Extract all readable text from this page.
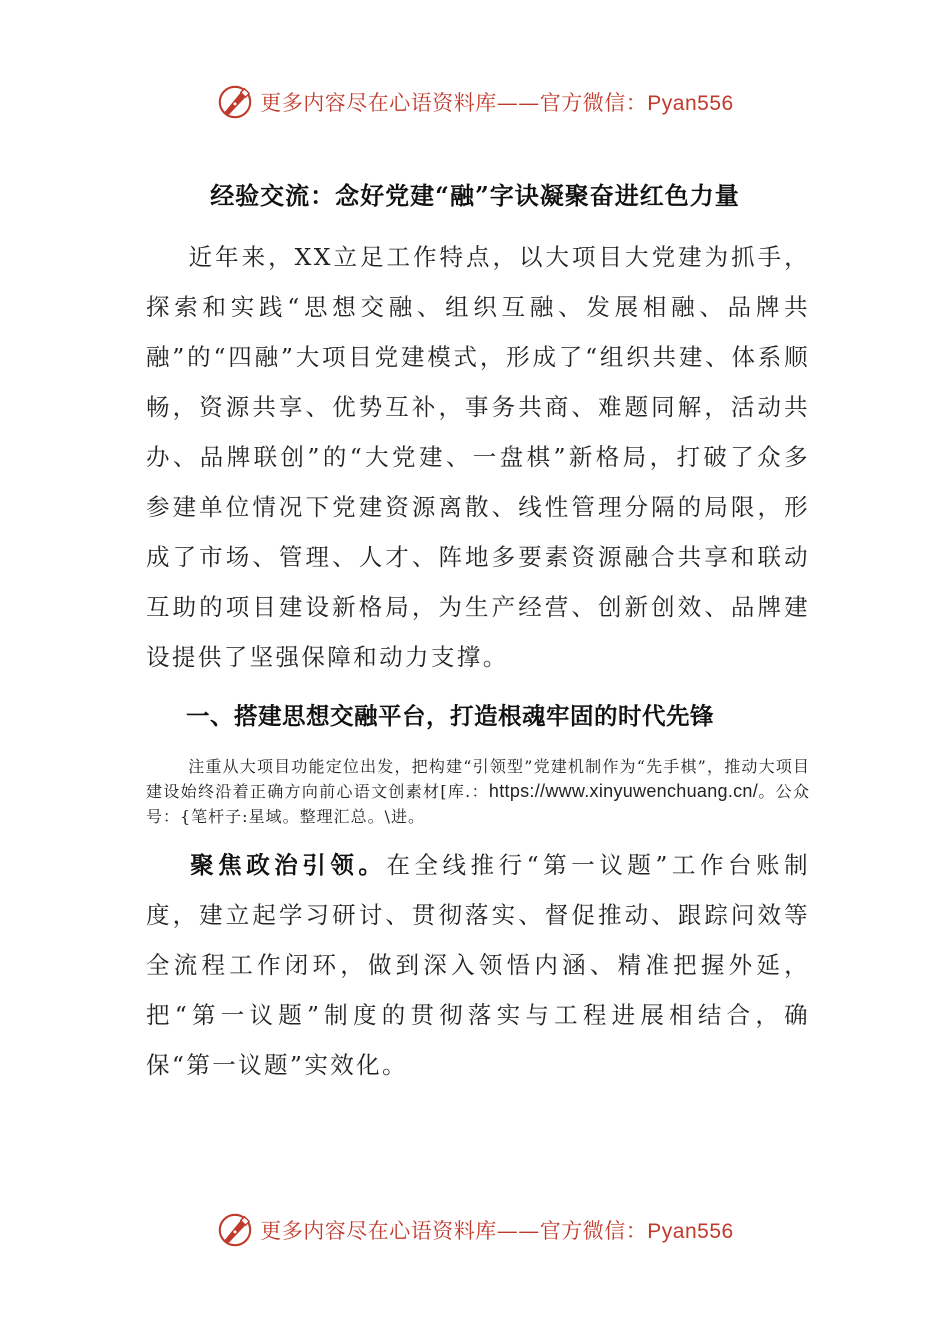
更多内容尽在心语资料库——官方微信：Pyan556
经验交流：念好党建“融”字诀凝聚奋进红色力量
近年来，XX立足工作特点，以大项目大党建为抓手，探索和实践“思想交融、组织互融、发展相融、品牌共融”的“四融”大项目党建模式，形成了“组织共建、体系顺畅，资源共享、优势互补，事务共商、难题同解，活动共办、品牌联创”的“大党建、一盘棋”新格局，打破了众多参建单位情况下党建资源离散、线性管理分隔的局限，形成了市场、管理、人才、阵地多要素资源融合共享和联动互助的项目建设新格局，为生产经营、创新创效、品牌建设提供了坚强保障和动力支撑。
一、搭建思想交融平台，打造根魂牢固的时代先锋
注重从大项目功能定位出发，把构建“引领型”党建机制作为“先手棋”，推动大项目建设始终沿着正确方向前心语文创素材[库.：https://www.xinyuwenchuang.cn/。公众号：{笔杆子:星域。整理汇总。\进。
聚焦政治引领。在全线推行“第一议题”工作台账制度，建立起学习研讨、贯彻落实、督促推动、跟踪问效等全流程工作闭环，做到深入领悟内涵、精准把握外延，把“第一议题”制度的贯彻落实与工程进展相结合，确保“第一议题”实效化。
更多内容尽在心语资料库——官方微信：Pyan556
